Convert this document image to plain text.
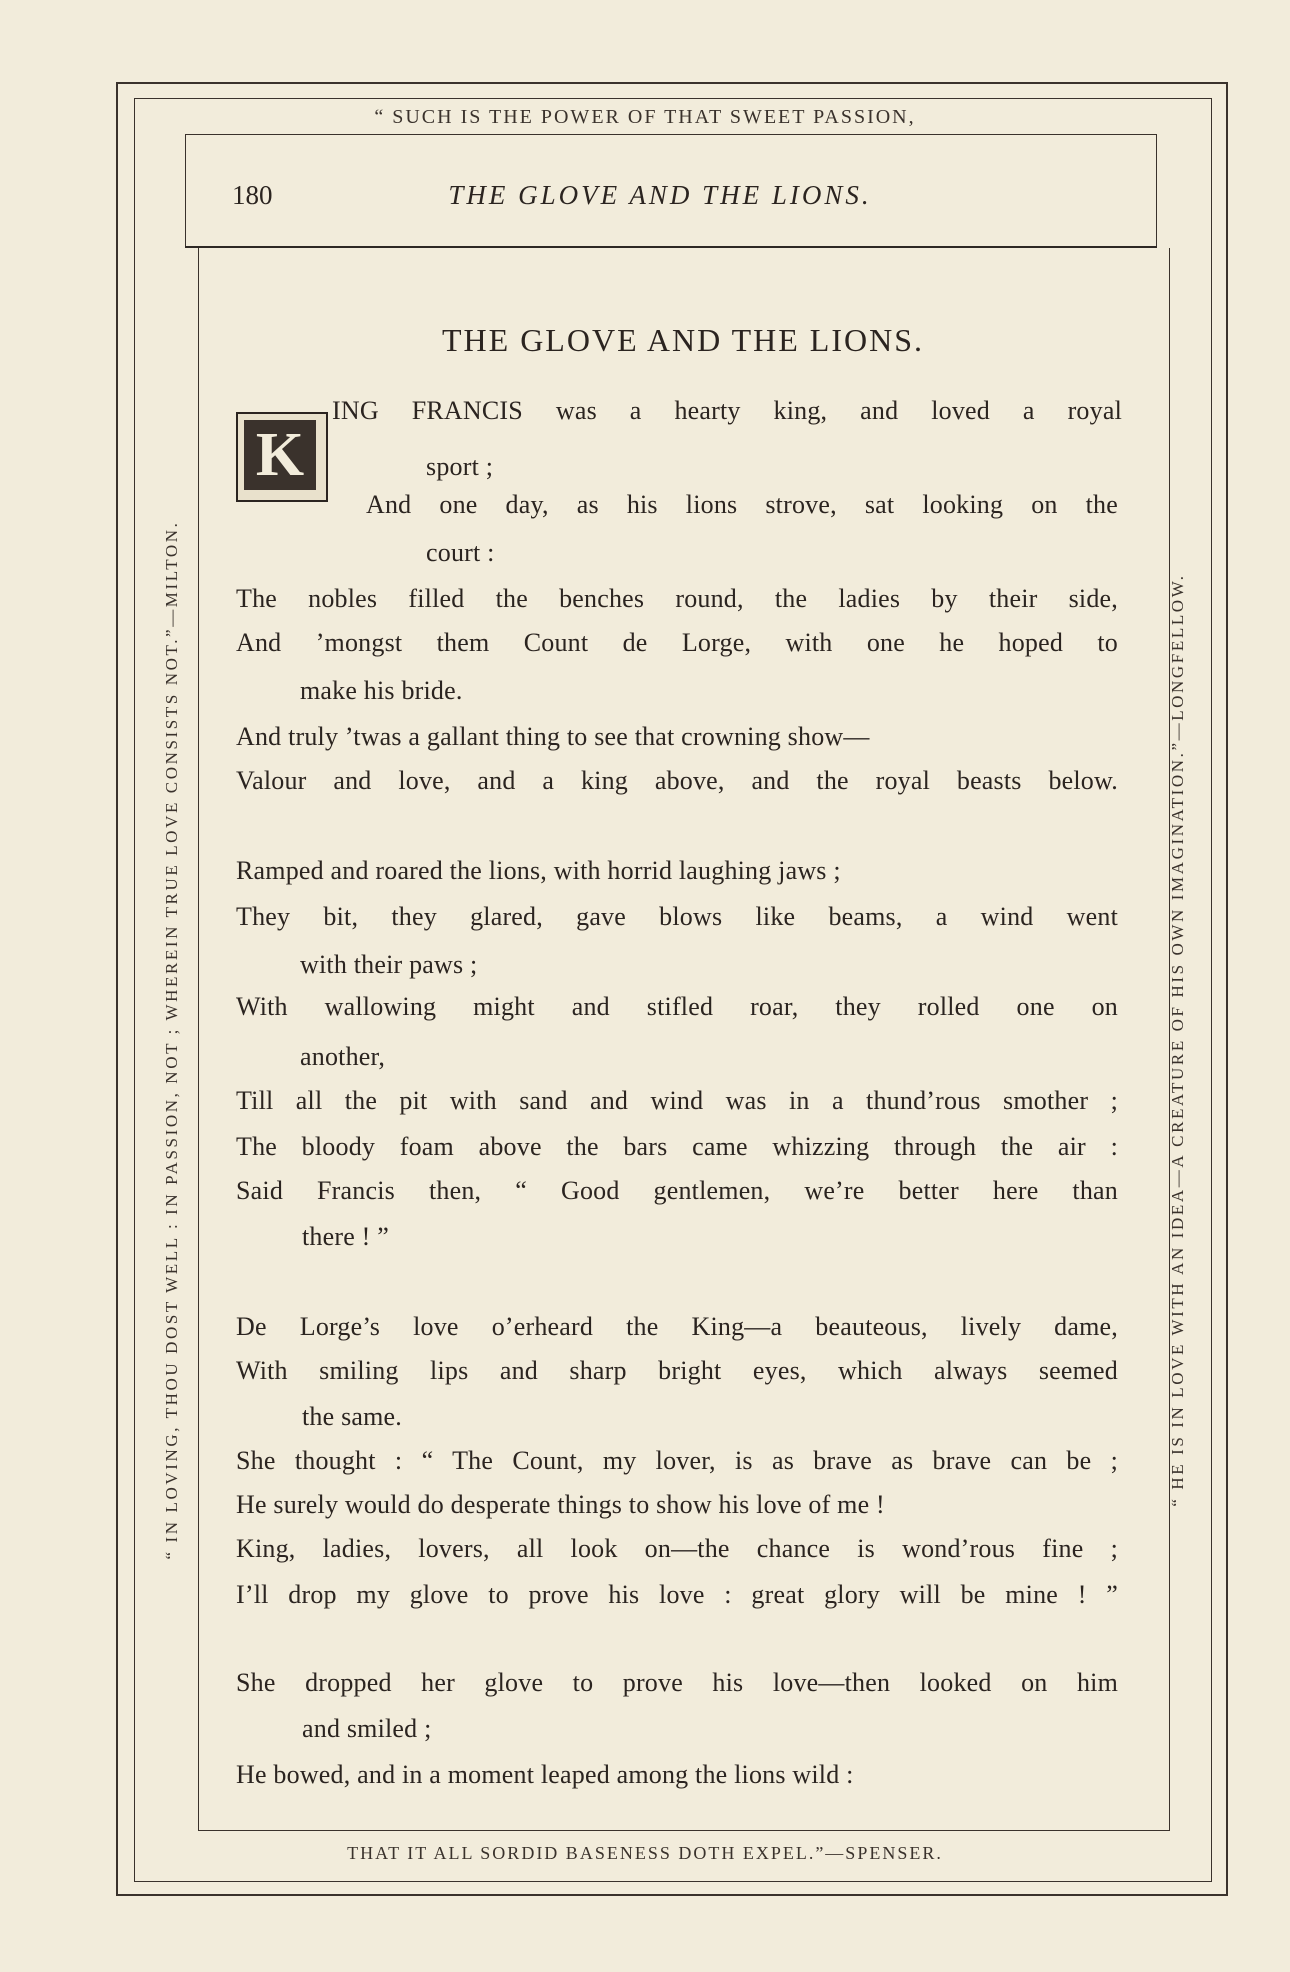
“ SUCH IS THE POWER OF THAT SWEET PASSION,
THAT IT ALL SORDID BASENESS DOTH EXPEL.”—SPENSER.
“ IN LOVING, THOU DOST WELL : IN PASSION, NOT ; WHEREIN TRUE LOVE CONSISTS NOT.”—MILTON.	“ HE IS IN LOVE WITH AN IDEA—A CREATURE OF HIS OWN IMAGINATION.”—LONGFELLOW.
180	THE GLOVE AND THE LIONS.
THE GLOVE AND THE LIONS.
K
ING FRANCIS was a hearty king, and loved a royal
sport ;
And one day, as his lions strove, sat looking on the
court :
The nobles filled the benches round, the ladies by their side,
And ’mongst them Count de Lorge, with one he hoped to
make his bride.
And truly ’twas a gallant thing to see that crowning show—
Valour and love, and a king above, and the royal beasts below.
Ramped and roared the lions, with horrid laughing jaws ;
They bit, they glared, gave blows like beams, a wind went
with their paws ;
With wallowing might and stifled roar, they rolled one on
another,
Till all the pit with sand and wind was in a thund’rous smother ;
The bloody foam above the bars came whizzing through the air :
Said Francis then, “ Good gentlemen, we’re better here than
there ! ”
De Lorge’s love o’erheard the King—a beauteous, lively dame,
With smiling lips and sharp bright eyes, which always seemed
the same.
She thought : “ The Count, my lover, is as brave as brave can be ;
He surely would do desperate things to show his love of me !
King, ladies, lovers, all look on—the chance is wond’rous fine ;
I’ll drop my glove to prove his love : great glory will be mine ! ”
She dropped her glove to prove his love—then looked on him
and smiled ;
He bowed, and in a moment leaped among the lions wild :
